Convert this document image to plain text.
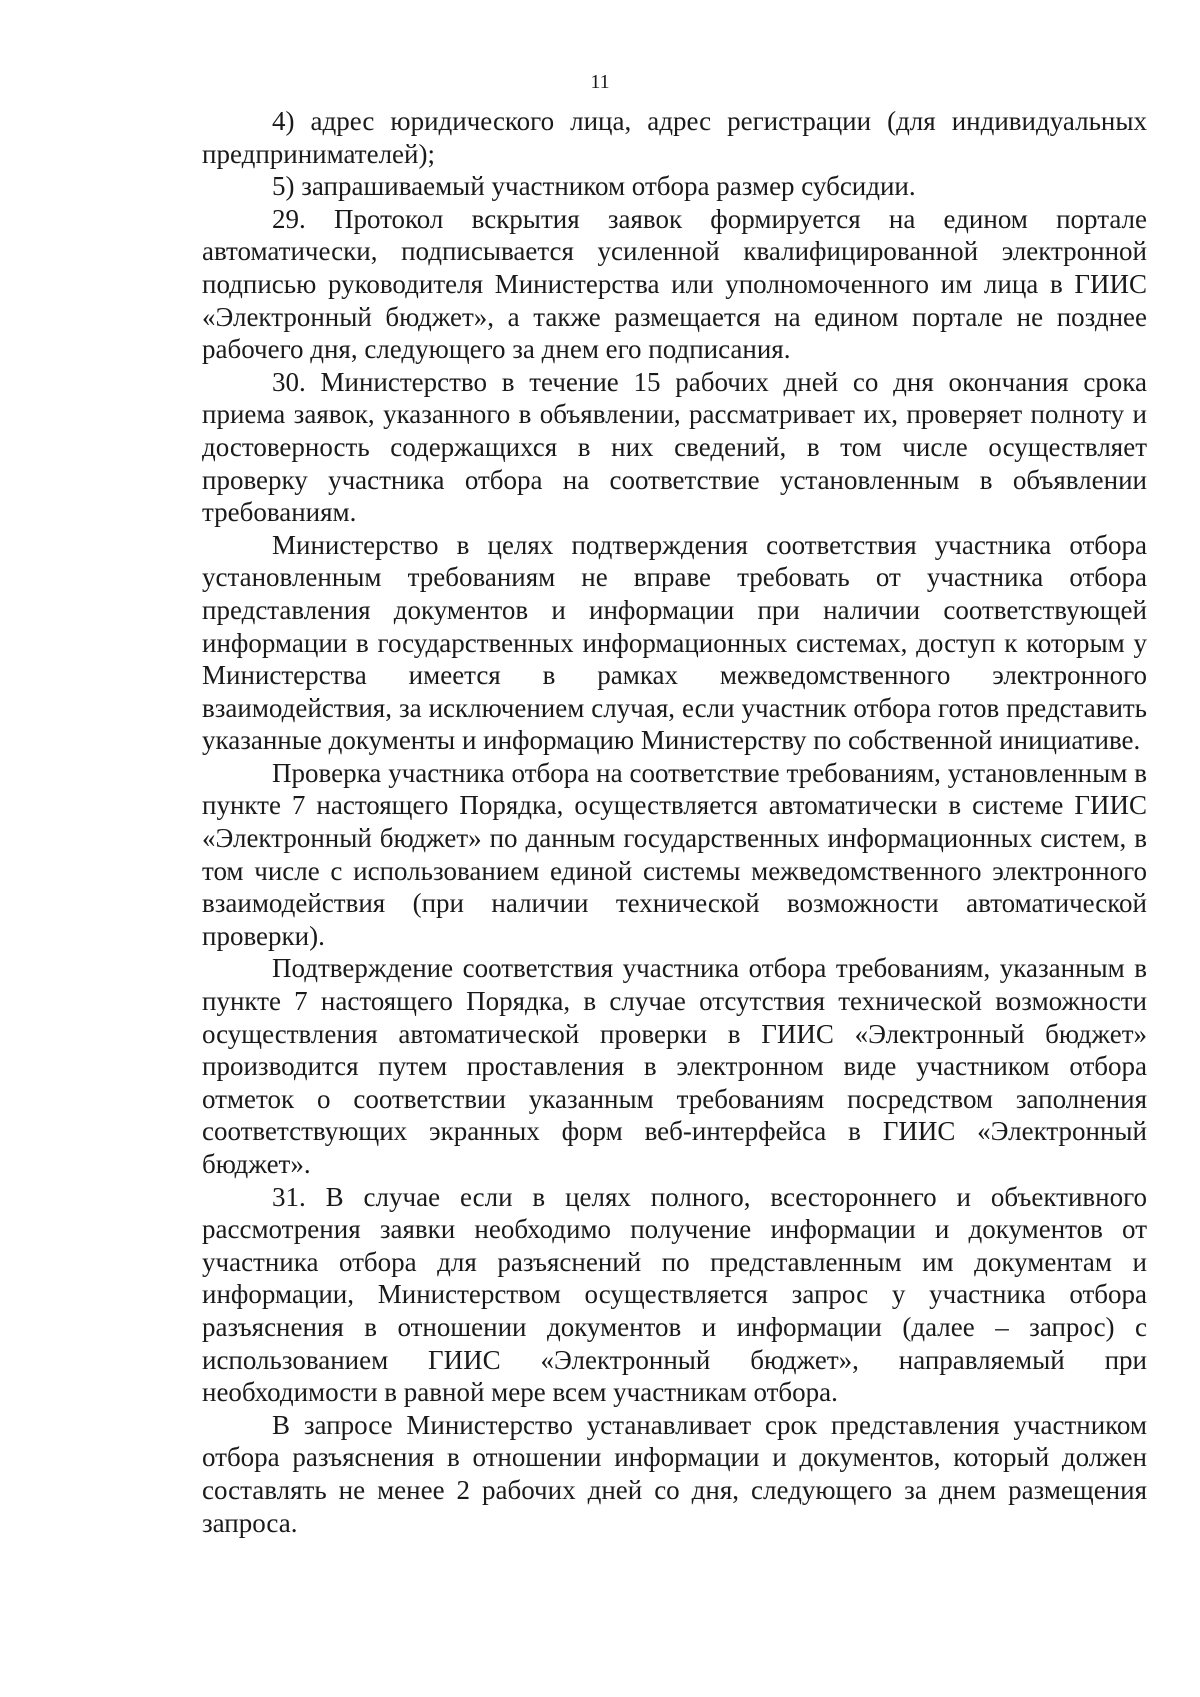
11

4) адрес юридического лица, адрес регистрации (для индивидуальных предпринимателей);

5) запрашиваемый участником отбора размер субсидии.

29. Протокол вскрытия заявок формируется на едином портале автоматически, подписывается усиленной квалифицированной электронной подписью руководителя Министерства или уполномоченного им лица в ГИИС «Электронный бюджет», а также размещается на едином портале не позднее рабочего дня, следующего за днем его подписания.

30. Министерство в течение 15 рабочих дней со дня окончания срока приема заявок, указанного в объявлении, рассматривает их, проверяет полноту и достоверность содержащихся в них сведений, в том числе осуществляет проверку участника отбора на соответствие установленным в объявлении требованиям.

Министерство в целях подтверждения соответствия участника отбора установленным требованиям не вправе требовать от участника отбора представления документов и информации при наличии соответствующей информации в государственных информационных системах, доступ к которым у Министерства имеется в рамках межведомственного электронного взаимодействия, за исключением случая, если участник отбора готов представить указанные документы и информацию Министерству по собственной инициативе.

Проверка участника отбора на соответствие требованиям, установленным в пункте 7 настоящего Порядка, осуществляется автоматически в системе ГИИС «Электронный бюджет» по данным государственных информационных систем, в том числе с использованием единой системы межведомственного электронного взаимодействия (при наличии технической возможности автоматической проверки).

Подтверждение соответствия участника отбора требованиям, указанным в пункте 7 настоящего Порядка, в случае отсутствия технической возможности осуществления автоматической проверки в ГИИС «Электронный бюджет» производится путем проставления в электронном виде участником отбора отметок о соответствии указанным требованиям посредством заполнения соответствующих экранных форм веб-интерфейса в ГИИС «Электронный бюджет».

31. В случае если в целях полного, всестороннего и объективного рассмотрения заявки необходимо получение информации и документов от участника отбора для разъяснений по представленным им документам и информации, Министерством осуществляется запрос у участника отбора разъяснения в отношении документов и информации (далее – запрос) с использованием ГИИС «Электронный бюджет», направляемый при необходимости в равной мере всем участникам отбора.

В запросе Министерство устанавливает срок представления участником отбора разъяснения в отношении информации и документов, который должен составлять не менее 2 рабочих дней со дня, следующего за днем размещения запроса.
